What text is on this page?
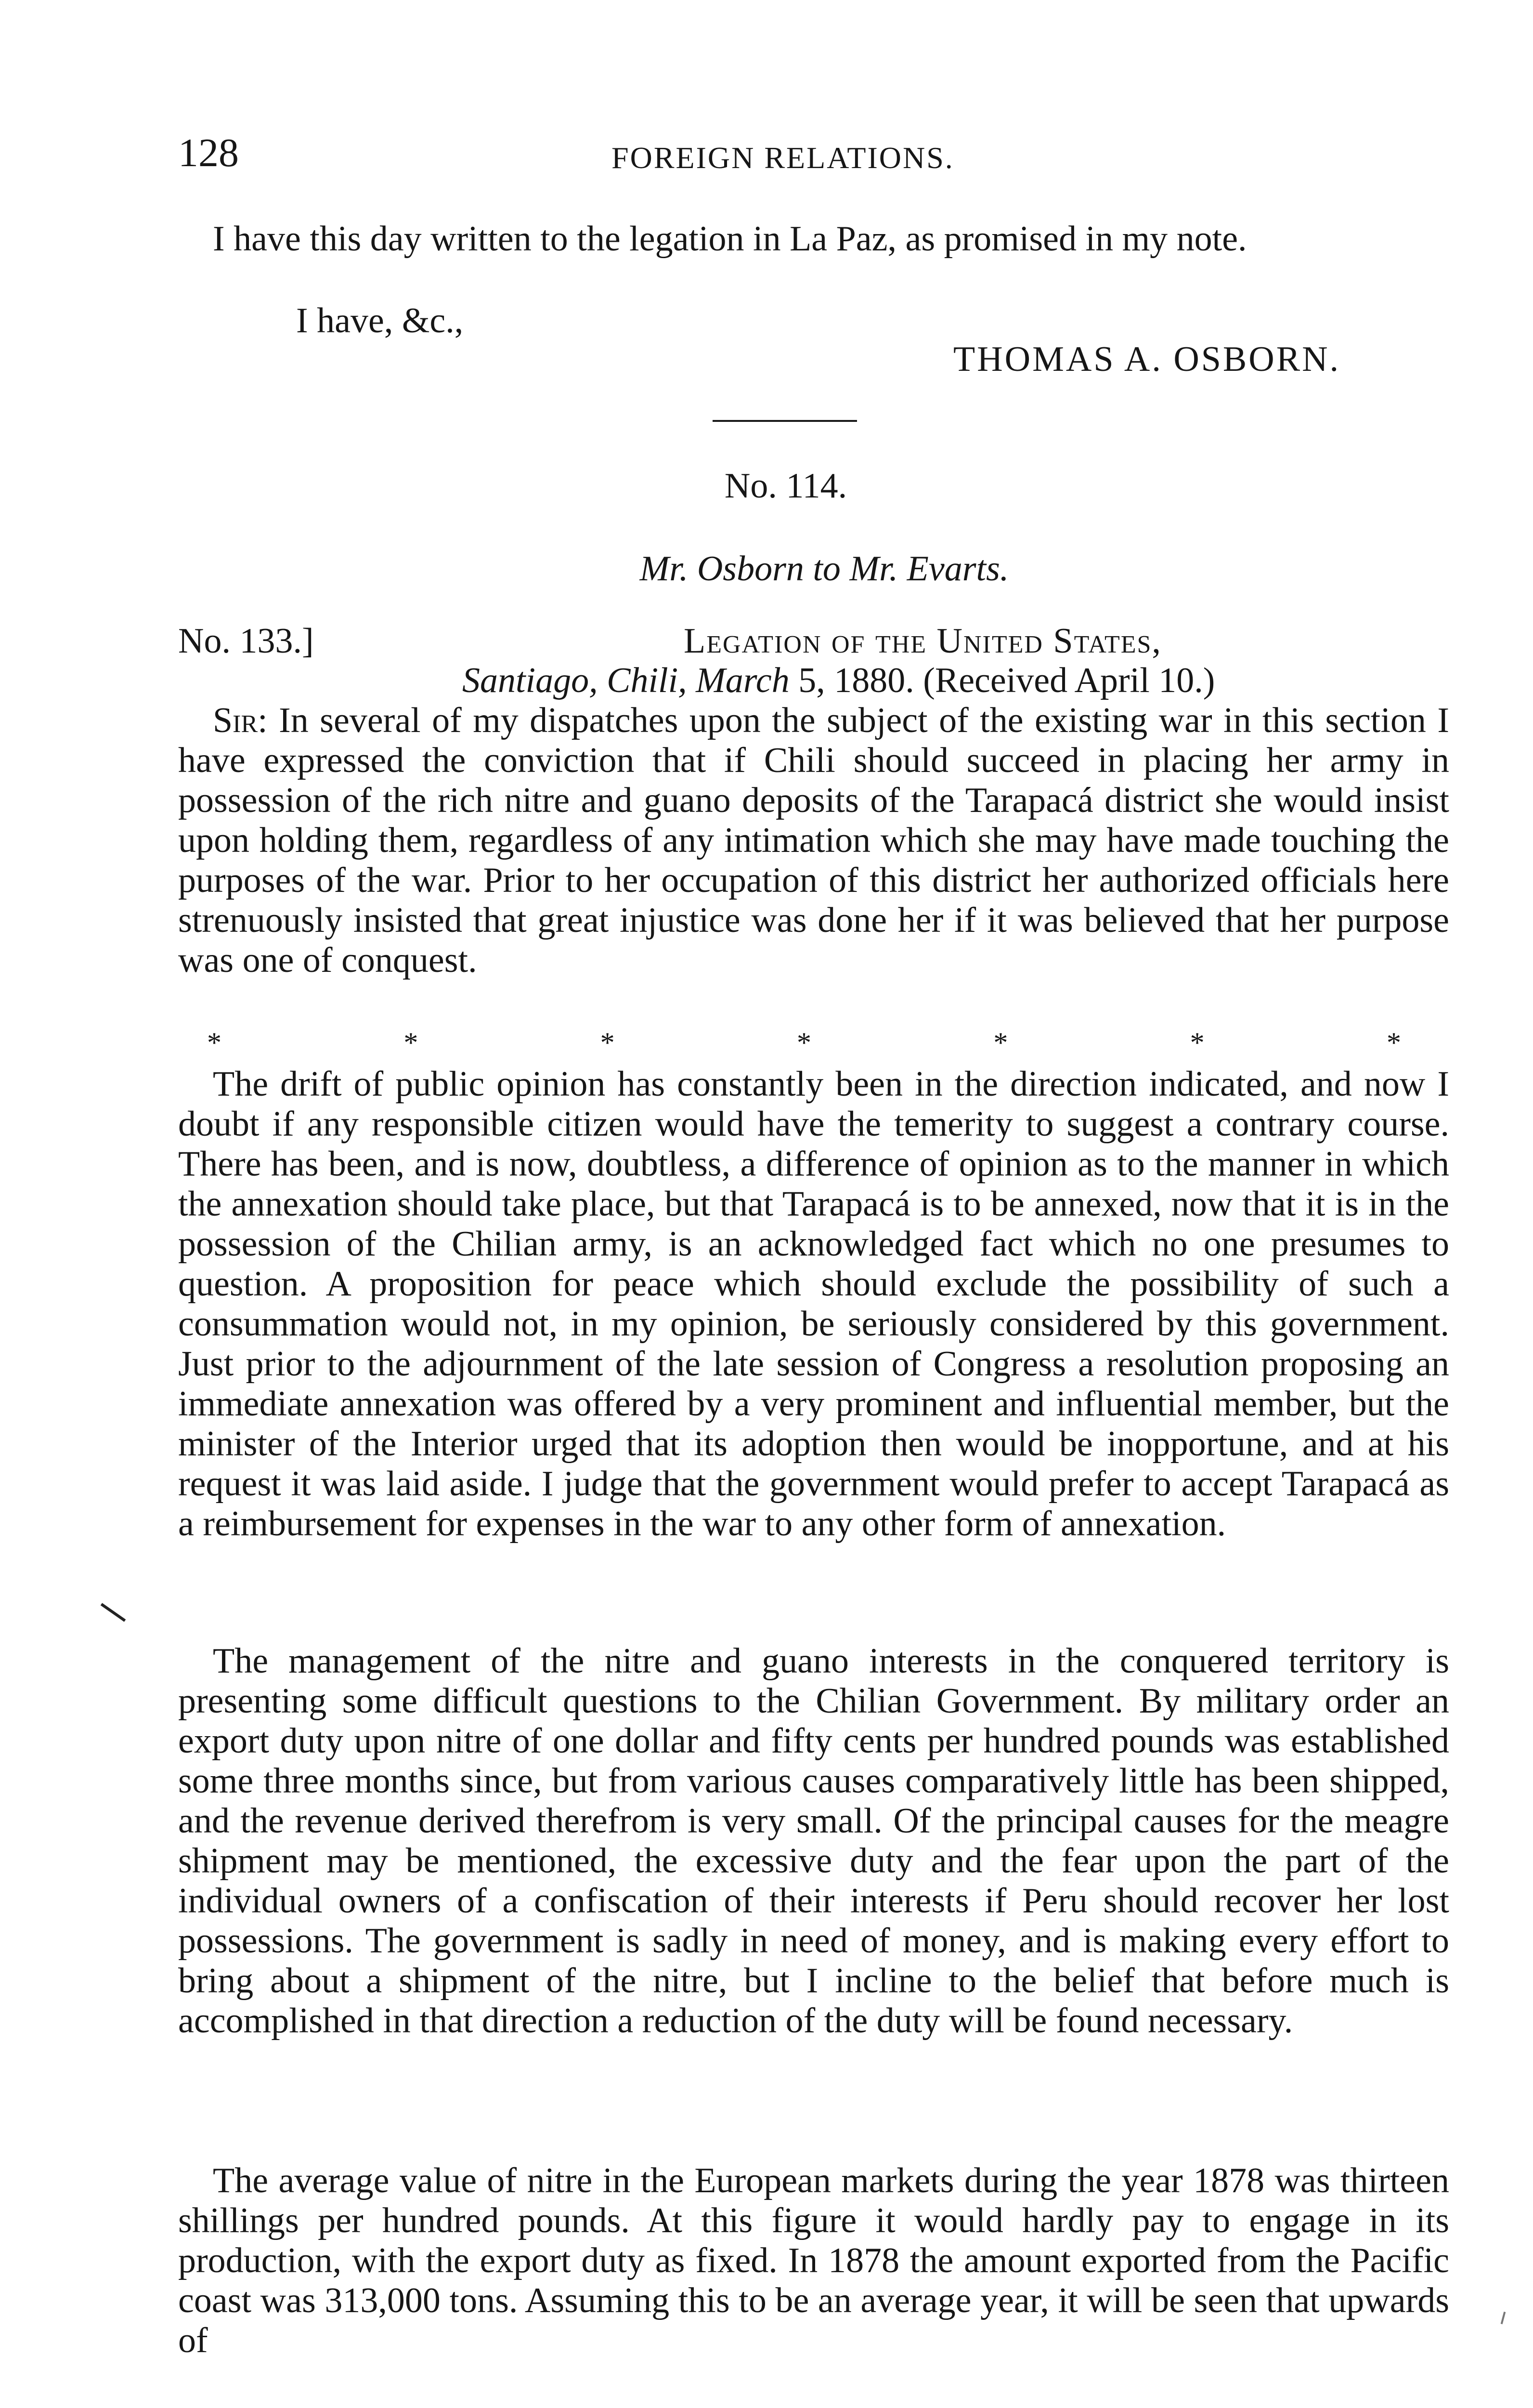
128	FOREIGN RELATIONS.

I have this day written to the legation in La Paz, as promised in my note.

I have, &c.,
THOMAS A. OSBORN.
No. 114.
Mr. Osborn to Mr. Evarts.
No. 133.]	Legation of the United States,
Santiago, Chili, March 5, 1880. (Received April 10.)

Sir: In several of my dispatches upon the subject of the existing war in this section I have expressed the conviction that if Chili should succeed in placing her army in possession of the rich nitre and guano deposits of the Tarapacá district she would insist upon holding them, regardless of any intimation which she may have made touching the purposes of the war. Prior to her occupation of this district her authorized officials here strenuously insisted that great injustice was done her if it was believed that her purpose was one of conquest.

*	*	*	*	*	*	*

The drift of public opinion has constantly been in the direction indicated, and now I doubt if any responsible citizen would have the temerity to suggest a contrary course. There has been, and is now, doubtless, a difference of opinion as to the manner in which the annexation should take place, but that Tarapacá is to be annexed, now that it is in the possession of the Chilian army, is an acknowledged fact which no one presumes to question. A proposition for peace which should exclude the possibility of such a consummation would not, in my opinion, be seriously considered by this government. Just prior to the adjournment of the late session of Congress a resolution proposing an immediate annexation was offered by a very prominent and influential member, but the minister of the Interior urged that its adoption then would be inopportune, and at his request it was laid aside. I judge that the government would prefer to accept Tarapacá as a reimbursement for expenses in the war to any other form of annexation.

The management of the nitre and guano interests in the conquered territory is presenting some difficult questions to the Chilian Government. By military order an export duty upon nitre of one dollar and fifty cents per hundred pounds was established some three months since, but from various causes comparatively little has been shipped, and the revenue derived therefrom is very small. Of the principal causes for the meagre shipment may be mentioned, the excessive duty and the fear upon the part of the individual owners of a confiscation of their interests if Peru should recover her lost possessions. The government is sadly in need of money, and is making every effort to bring about a shipment of the nitre, but I incline to the belief that before much is accomplished in that direction a reduction of the duty will be found necessary.

The average value of nitre in the European markets during the year 1878 was thirteen shillings per hundred pounds. At this figure it would hardly pay to engage in its production, with the export duty as fixed. In 1878 the amount exported from the Pacific coast was 313,000 tons. Assuming this to be an average year, it will be seen that upwards of
